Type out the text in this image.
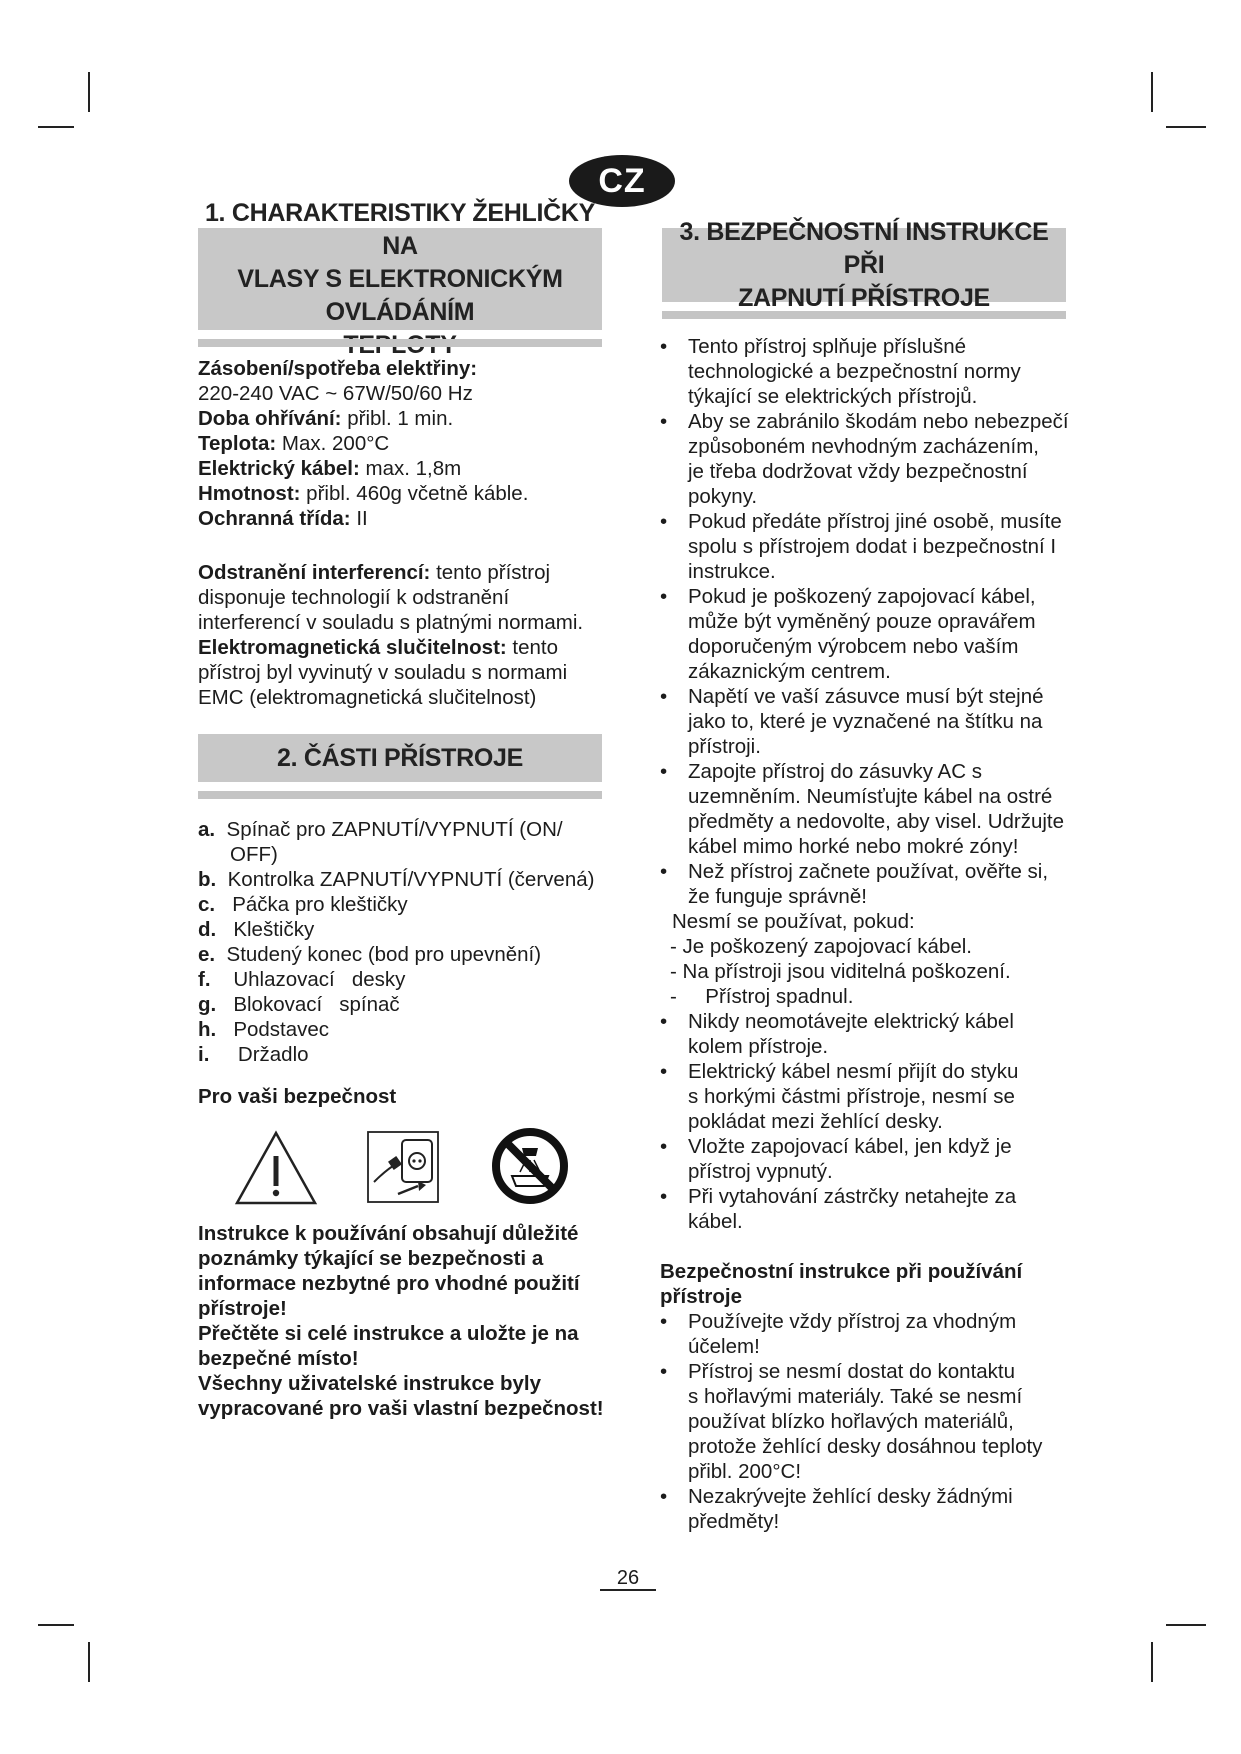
CZ
1. CHARAKTERISTIKY ŽEHLIČKY NA
VLASY S ELEKTRONICKÝM OVLÁDÁNÍM
Zásobení/spotřeba elektřiny:
220-240 VAC ~ 67W/50/60 Hz
Doba ohřívání: přibl. 1 min.
Teplota: Max. 200°C
Elektrický kábel: max. 1,8m
Hmotnost: přibl. 460g včetně káble.
Ochranná třída: II
Odstranění interferencí: tento přístroj
disponuje technologií k odstranění
interferencí v souladu s platnými normami.
Elektromagnetická slučitelnost: tento
přístroj byl vyvinutý v souladu s normami
EMC (elektromagnetická slučitelnost)
2. ČÁSTI PŘÍSTROJE
a. Spínač pro ZAPNUTÍ/VYPNUTÍ (ON/
OFF)
b. Kontrolka ZAPNUTÍ/VYPNUTÍ (červená)
c. Páčka pro kleštičky
d. Kleštičky
e. Studený konec (bod pro upevnění)
f. Uhlazovací   desky
g. Blokovací   spínač
h. Podstavec
i. Držadlo
Pro vaši bezpečnost
Instrukce k používání obsahují důležité
poznámky týkající se bezpečnosti a
informace nezbytné pro vhodné použití
přístroje!
Přečtěte si celé instrukce a uložte je na
bezpečné místo!
Všechny uživatelské instrukce byly
vypracované pro vaši vlastní bezpečnost!
3. BEZPEČNOSTNÍ INSTRUKCE PŘI
ZAPNUTÍ PŘÍSTROJE
• Tento přístroj splňuje příslušné
technologické a bezpečnostní normy
týkající se elektrických přístrojů.
• Aby se zabránilo škodám nebo nebezpečí
způsoboném nevhodným zacházením,
je třeba dodržovat vždy bezpečnostní
pokyny.
• Pokud předáte přístroj jiné osobě, musíte
spolu s přístrojem dodat i bezpečnostní I
instrukce.
• Pokud je poškozený zapojovací kábel,
může být vyměněný pouze opravářem
doporučeným výrobcem nebo vaším
zákaznickým centrem.
• Napětí ve vaší zásuvce musí být stejné
jako to, které je vyznačené na štítku na
přístroji.
• Zapojte přístroj do zásuvky AC s
uzemněním. Neumísťujte kábel na ostré
předměty a nedovolte, aby visel. Udržujte
kábel mimo horké nebo mokré zóny!
• Než přístroj začnete používat, ověřte si,
že funguje správně!
Nesmí se používat, pokud:
- Je poškozený zapojovací kábel.
- Na přístroji jsou viditelná poškození.
-     Přístroj spadnul.
• Nikdy neomotávejte elektrický kábel
kolem přístroje.
• Elektrický kábel nesmí přijít do styku
s horkými částmi přístroje, nesmí se
pokládat mezi žehlící desky.
• Vložte zapojovací kábel, jen když je
přístroj vypnutý.
• Při vytahování zástrčky netahejte za
kábel.
Bezpečnostní instrukce při používání
přístroje
• Používejte vždy přístroj za vhodným
účelem!
• Přístroj se nesmí dostat do kontaktu
s hořlavými materiály. Také se nesmí
používat blízko hořlavých materiálů,
protože žehlící desky dosáhnou teploty
přibl. 200°C!
• Nezakrývejte žehlící desky žádnými
předměty!
26
